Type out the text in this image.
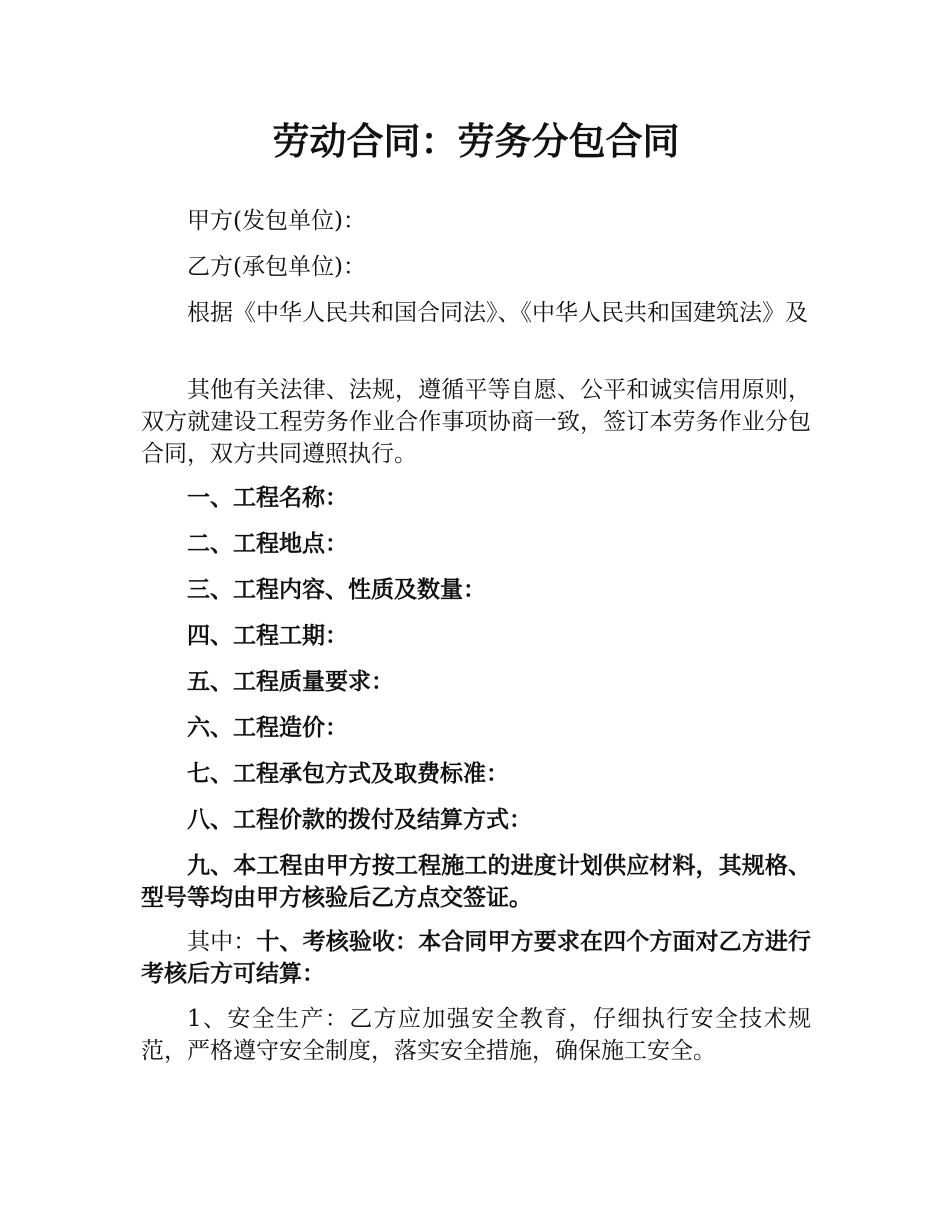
劳动合同：劳务分包合同

甲方(发包单位)：

乙方(承包单位)：

根据《中华人民共和国合同法》、《中华人民共和国建筑法》及

其他有关法律、法规，遵循平等自愿、公平和诚实信用原则，双方就建设工程劳务作业合作事项协商一致，签订本劳务作业分包合同，双方共同遵照执行。

一、工程名称：

二、工程地点：

三、工程内容、性质及数量：

四、工程工期：

五、工程质量要求：

六、工程造价：

七、工程承包方式及取费标准：

八、工程价款的拨付及结算方式：

九、本工程由甲方按工程施工的进度计划供应材料，其规格、型号等均由甲方核验后乙方点交签证。

其中：十、考核验收：本合同甲方要求在四个方面对乙方进行考核后方可结算：

1、安全生产：乙方应加强安全教育，仔细执行安全技术规范，严格遵守安全制度，落实安全措施，确保施工安全。
